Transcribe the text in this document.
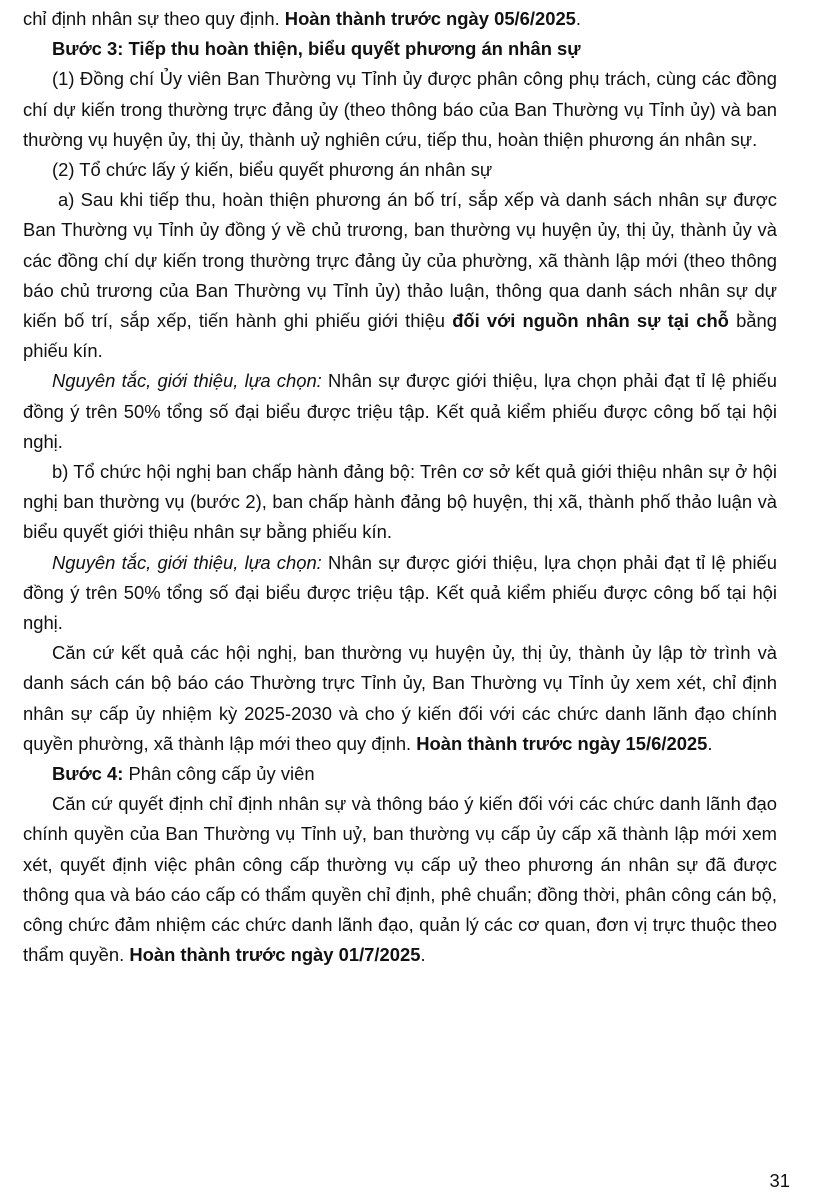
chỉ định nhân sự theo quy định. Hoàn thành trước ngày 05/6/2025.

Bước 3: Tiếp thu hoàn thiện, biểu quyết phương án nhân sự

(1) Đồng chí Ủy viên Ban Thường vụ Tỉnh ủy được phân công phụ trách, cùng các đồng chí dự kiến trong thường trực đảng ủy (theo thông báo của Ban Thường vụ Tỉnh ủy) và ban thường vụ huyện ủy, thị ủy, thành uỷ nghiên cứu, tiếp thu, hoàn thiện phương án nhân sự.

(2) Tổ chức lấy ý kiến, biểu quyết phương án nhân sự

a) Sau khi tiếp thu, hoàn thiện phương án bố trí, sắp xếp và danh sách nhân sự được Ban Thường vụ Tỉnh ủy đồng ý về chủ trương, ban thường vụ huyện ủy, thị ủy, thành ủy và các đồng chí dự kiến trong thường trực đảng ủy của phường, xã thành lập mới (theo thông báo chủ trương của Ban Thường vụ Tỉnh ủy) thảo luận, thông qua danh sách nhân sự dự kiến bố trí, sắp xếp, tiến hành ghi phiếu giới thiệu đối với nguồn nhân sự tại chỗ bằng phiếu kín.

Nguyên tắc, giới thiệu, lựa chọn: Nhân sự được giới thiệu, lựa chọn phải đạt tỉ lệ phiếu đồng ý trên 50% tổng số đại biểu được triệu tập. Kết quả kiểm phiếu được công bố tại hội nghị.

b) Tổ chức hội nghị ban chấp hành đảng bộ: Trên cơ sở kết quả giới thiệu nhân sự ở hội nghị ban thường vụ (bước 2), ban chấp hành đảng bộ huyện, thị xã, thành phố thảo luận và biểu quyết giới thiệu nhân sự bằng phiếu kín.

Nguyên tắc, giới thiệu, lựa chọn: Nhân sự được giới thiệu, lựa chọn phải đạt tỉ lệ phiếu đồng ý trên 50% tổng số đại biểu được triệu tập. Kết quả kiểm phiếu được công bố tại hội nghị.

Căn cứ kết quả các hội nghị, ban thường vụ huyện ủy, thị ủy, thành ủy lập tờ trình và danh sách cán bộ báo cáo Thường trực Tỉnh ủy, Ban Thường vụ Tỉnh ủy xem xét, chỉ định nhân sự cấp ủy nhiệm kỳ 2025-2030 và cho ý kiến đối với các chức danh lãnh đạo chính quyền phường, xã thành lập mới theo quy định. Hoàn thành trước ngày 15/6/2025.

Bước 4: Phân công cấp ủy viên

Căn cứ quyết định chỉ định nhân sự và thông báo ý kiến đối với các chức danh lãnh đạo chính quyền của Ban Thường vụ Tỉnh uỷ, ban thường vụ cấp ủy cấp xã thành lập mới xem xét, quyết định việc phân công cấp thường vụ cấp uỷ theo phương án nhân sự đã được thông qua và báo cáo cấp có thẩm quyền chỉ định, phê chuẩn; đồng thời, phân công cán bộ, công chức đảm nhiệm các chức danh lãnh đạo, quản lý các cơ quan, đơn vị trực thuộc theo thẩm quyền. Hoàn thành trước ngày 01/7/2025.

31
